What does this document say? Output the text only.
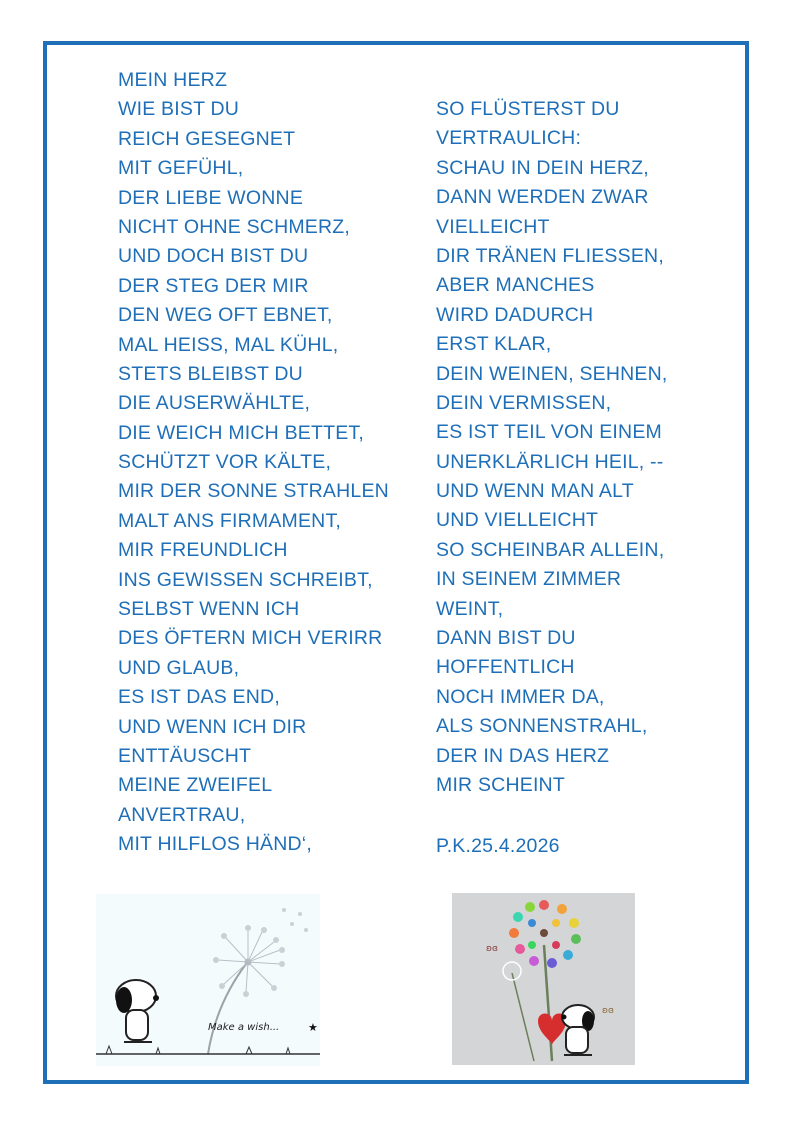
MEIN HERZ
WIE BIST DU
REICH GESEGNET
MIT GEFÜHL,
DER LIEBE WONNE
NICHT OHNE SCHMERZ,
UND DOCH BIST DU
DER STEG DER MIR
DEN WEG OFT EBNET,
MAL HEISS, MAL KÜHL,
STETS BLEIBST DU
DIE AUSERWÄHLTE,
DIE WEICH MICH BETTET,
SCHÜTZT VOR KÄLTE,
MIR DER SONNE STRAHLEN
MALT ANS FIRMAMENT,
MIR FREUNDLICH
INS GEWISSEN SCHREIBT,
SELBST WENN ICH
DES ÖFTERN MICH VERIRR
UND GLAUB,
ES IST DAS END,
UND WENN ICH DIR
ENTTÄUSCHT
MEINE ZWEIFEL
ANVERTRAU,
MIT HILFLOS HÄND‘,
SO FLÜSTERST DU
VERTRAULICH:
SCHAU IN DEIN HERZ,
DANN WERDEN ZWAR
VIELLEICHT
DIR TRÄNEN FLIESSEN,
ABER MANCHES
WIRD DADURCH
ERST KLAR,
DEIN WEINEN, SEHNEN,
DEIN VERMISSEN,
ES IST TEIL VON EINEM
UNERKLÄRLICH HEIL, --
UND WENN MAN ALT
UND VIELLEICHT
SO SCHEINBAR ALLEIN,
IN SEINEM ZIMMER
WEINT,
DANN BIST DU
HOFFENTLICH
NOCH IMMER DA,
ALS SONNENSTRAHL,
DER IN DAS HERZ
MIR SCHEINT
P.K.25.4.2026
Make a wish...	★
ʚɞ
ʚɞ
